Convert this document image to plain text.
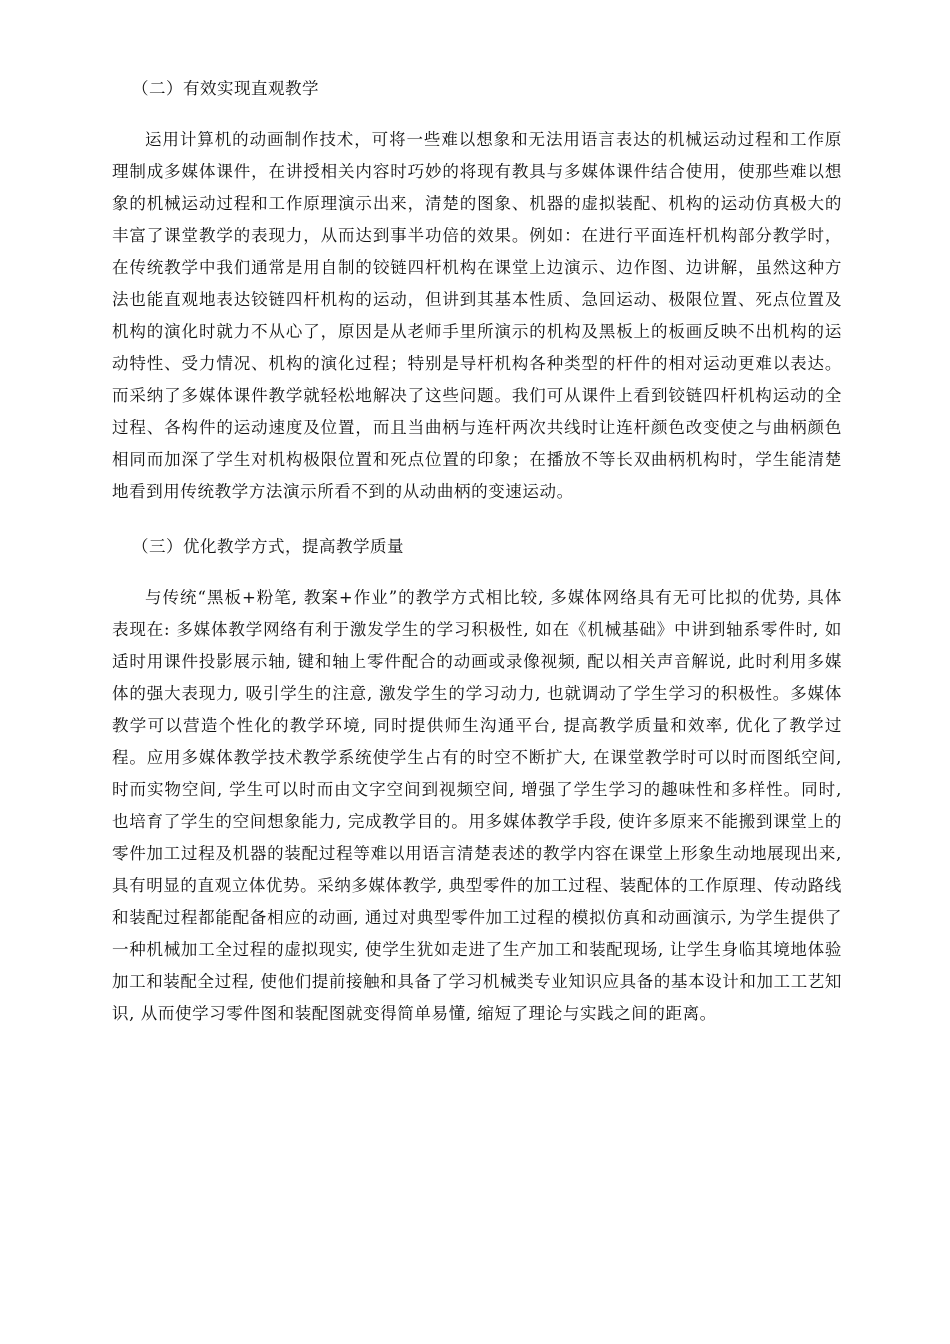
（二）有效实现直观教学

运用计算机的动画制作技术，可将一些难以想象和无法用语言表达的机械运动过程和工作原理制成多媒体课件，在讲授相关内容时巧妙的将现有教具与多媒体课件结合使用，使那些难以想象的机械运动过程和工作原理演示出来，清楚的图象、机器的虚拟装配、机构的运动仿真极大的丰富了课堂教学的表现力，从而达到事半功倍的效果。例如：在进行平面连杆机构部分教学时，在传统教学中我们通常是用自制的铰链四杆机构在课堂上边演示、边作图、边讲解，虽然这种方法也能直观地表达铰链四杆机构的运动，但讲到其基本性质、急回运动、极限位置、死点位置及机构的演化时就力不从心了，原因是从老师手里所演示的机构及黑板上的板画反映不出机构的运动特性、受力情况、机构的演化过程；特别是导杆机构各种类型的杆件的相对运动更难以表达。而采纳了多媒体课件教学就轻松地解决了这些问题。我们可从课件上看到铰链四杆机构运动的全过程、各构件的运动速度及位置，而且当曲柄与连杆两次共线时让连杆颜色改变使之与曲柄颜色相同而加深了学生对机构极限位置和死点位置的印象；在播放不等长双曲柄机构时，学生能清楚地看到用传统教学方法演示所看不到的从动曲柄的变速运动。

（三）优化教学方式，提高教学质量

与传统“黑板+粉笔, 教案+作业”的教学方式相比较, 多媒体网络具有无可比拟的优势, 具体表现在: 多媒体教学网络有利于激发学生的学习积极性, 如在《机械基础》中讲到轴系零件时, 如适时用课件投影展示轴, 键和轴上零件配合的动画或录像视频, 配以相关声音解说, 此时利用多媒体的强大表现力, 吸引学生的注意, 激发学生的学习动力, 也就调动了学生学习的积极性。多媒体教学可以营造个性化的教学环境, 同时提供师生沟通平台, 提高教学质量和效率, 优化了教学过程。应用多媒体教学技术教学系统使学生占有的时空不断扩大, 在课堂教学时可以时而图纸空间, 时而实物空间, 学生可以时而由文字空间到视频空间, 增强了学生学习的趣味性和多样性。同时, 也培育了学生的空间想象能力, 完成教学目的。用多媒体教学手段, 使许多原来不能搬到课堂上的零件加工过程及机器的装配过程等难以用语言清楚表述的教学内容在课堂上形象生动地展现出来, 具有明显的直观立体优势。采纳多媒体教学, 典型零件的加工过程、装配体的工作原理、传动路线和装配过程都能配备相应的动画, 通过对典型零件加工过程的模拟仿真和动画演示, 为学生提供了一种机械加工全过程的虚拟现实, 使学生犹如走进了生产加工和装配现场, 让学生身临其境地体验加工和装配全过程, 使他们提前接触和具备了学习机械类专业知识应具备的基本设计和加工工艺知识, 从而使学习零件图和装配图就变得简单易懂, 缩短了理论与实践之间的距离。
